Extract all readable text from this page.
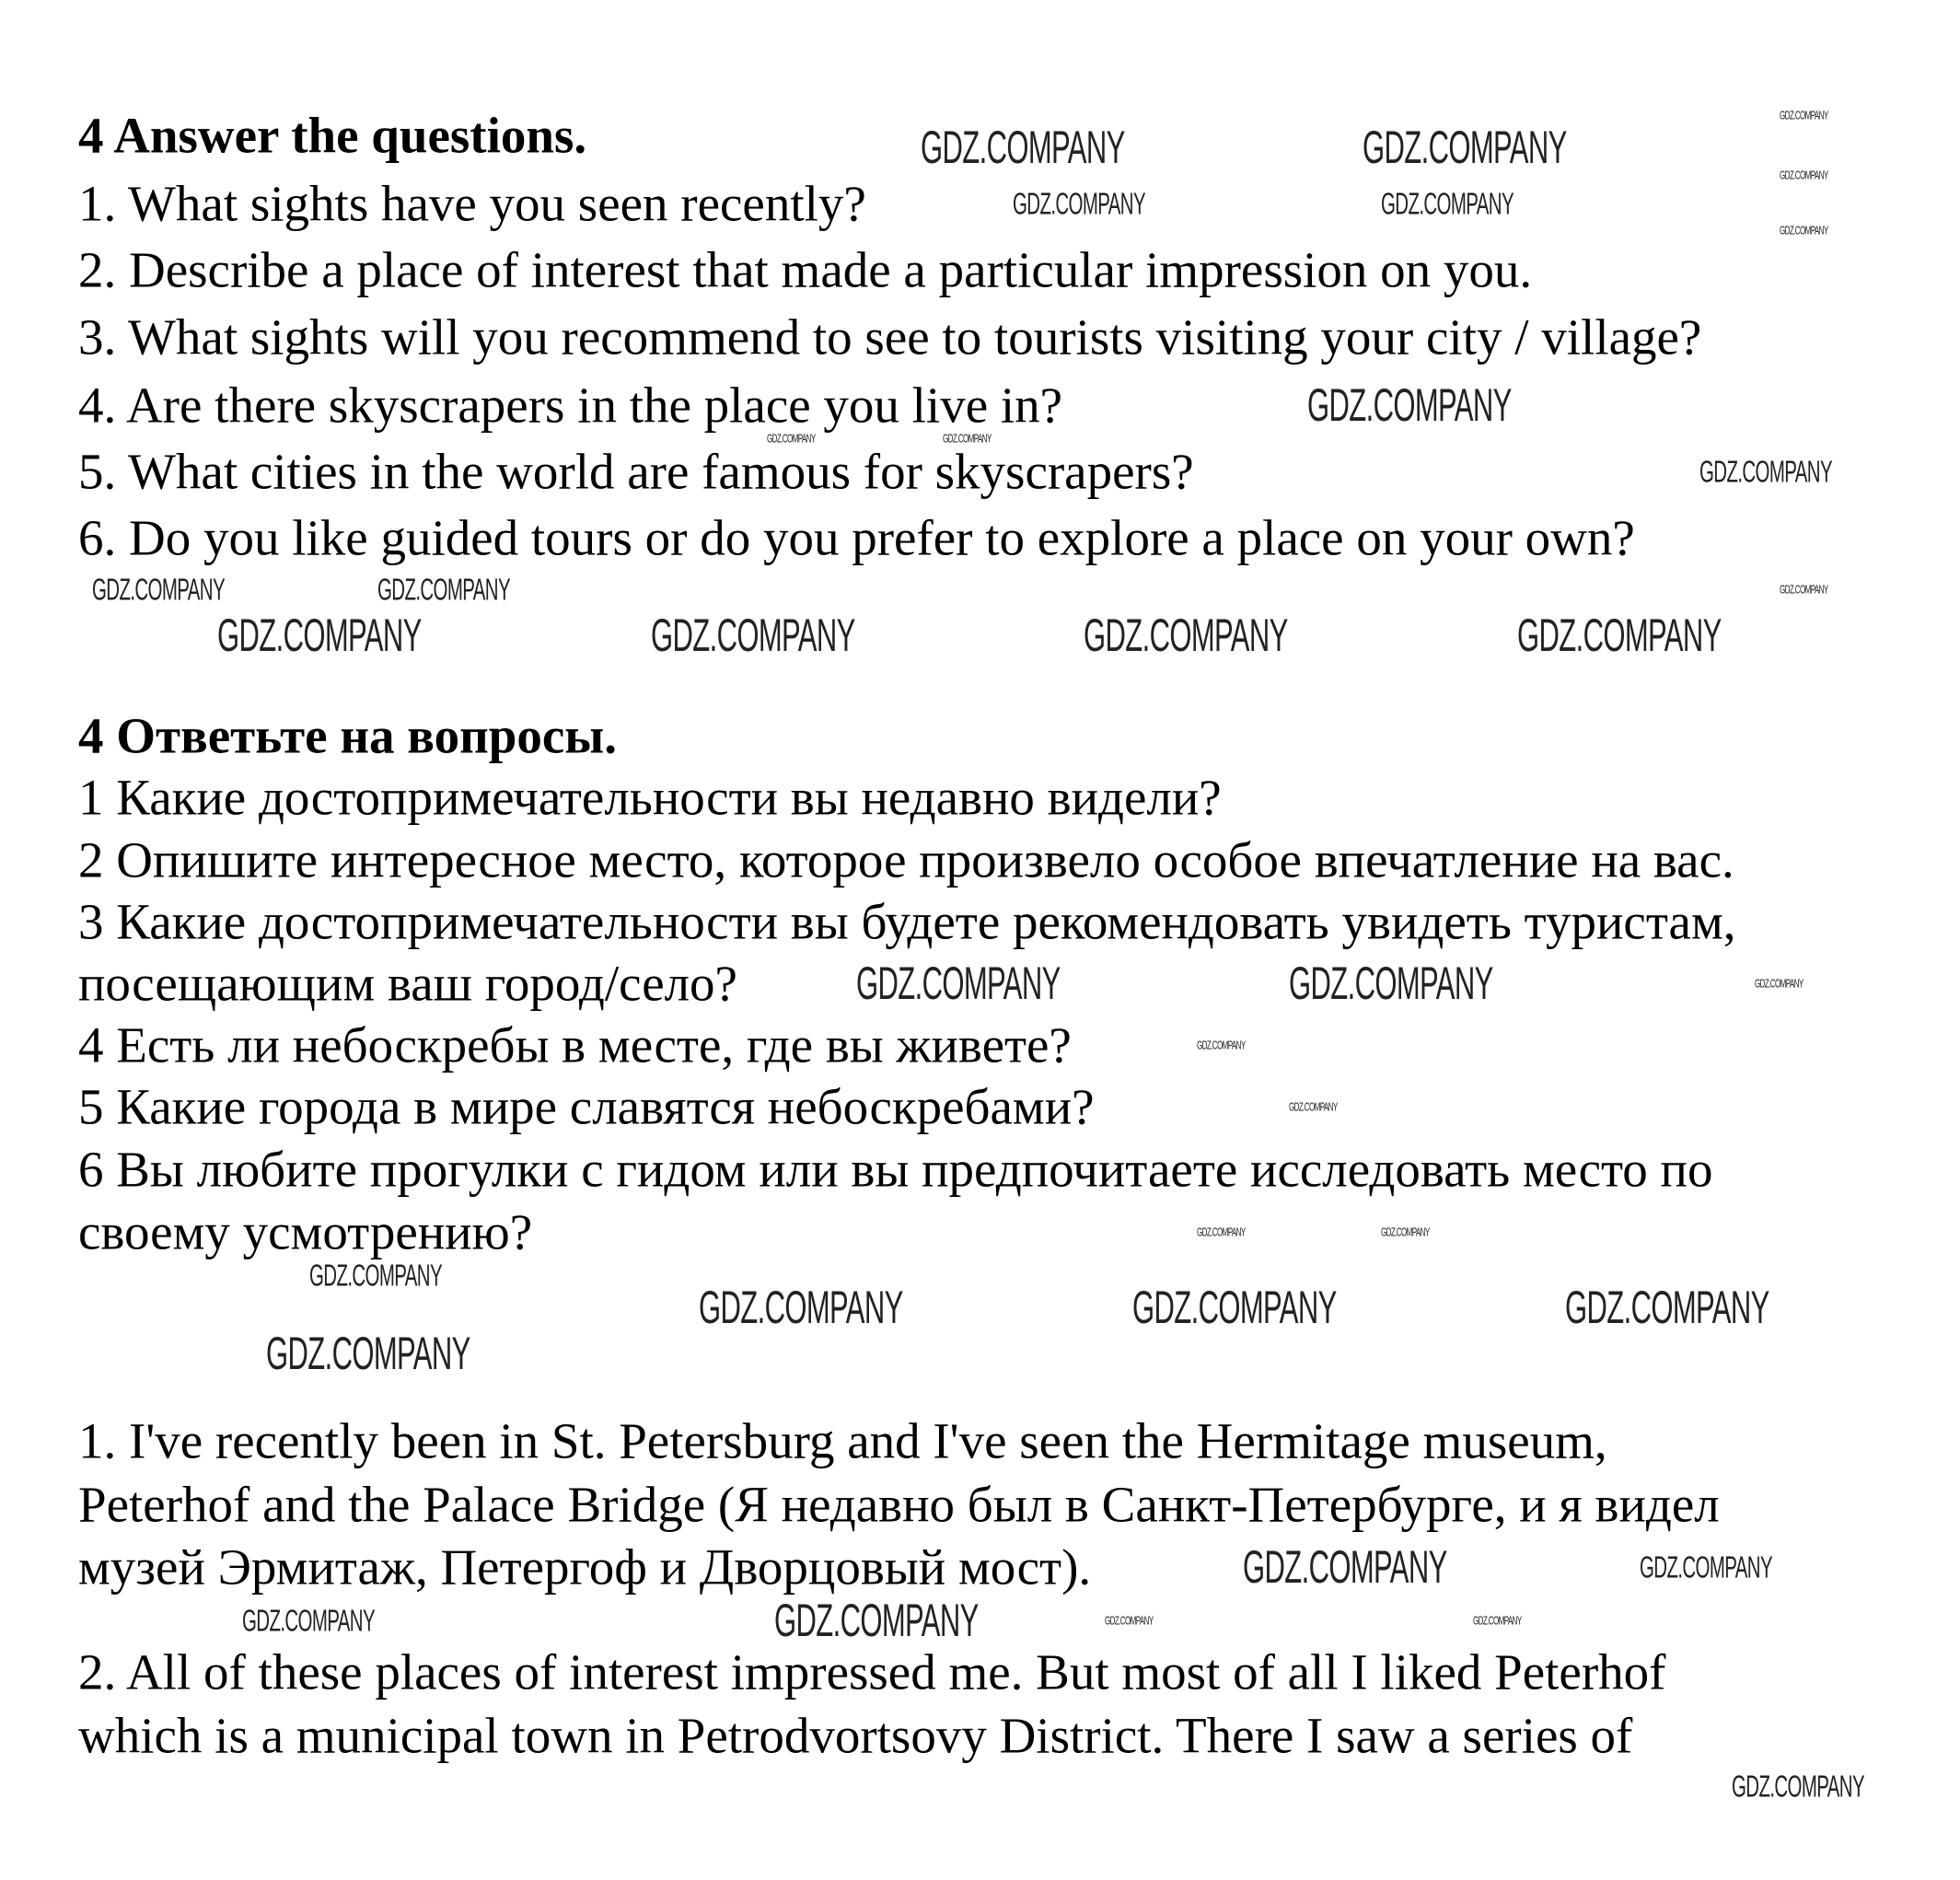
4 Answer the questions.
1. What sights have you seen recently?
2. Describe a place of interest that made a particular impression on you.
3. What sights will you recommend to see to tourists visiting your city / village?
4. Are there skyscrapers in the place you live in?
5. What cities in the world are famous for skyscrapers?
6. Do you like guided tours or do you prefer to explore a place on your own?
4 Ответьте на вопросы.
1 Какие достопримечательности вы недавно видели?
2 Опишите интересное место, которое произвело особое впечатление на вас.
3 Какие достопримечательности вы будете рекомендовать увидеть туристам,
посещающим ваш город/село?
4 Есть ли небоскребы в месте, где вы живете?
5 Какие города в мире славятся небоскребами?
6 Вы любите прогулки с гидом или вы предпочитаете исследовать место по
своему усмотрению?
1. I've recently been in St. Petersburg and I've seen the Hermitage museum,
Peterhof and the Palace Bridge (Я недавно был в Санкт-Петербурге, и я видел
музей Эрмитаж, Петергоф и Дворцовый мост).
2. All of these places of interest impressed me. But most of all I liked Peterhof
which is a municipal town in Petrodvortsovy District. There I saw a series of
GDZ.COMPANY	GDZ.COMPANY
GDZ.COMPANY
GDZ.COMPANY	GDZ.COMPANY	GDZ.COMPANY	GDZ.COMPANY
GDZ.COMPANY	GDZ.COMPANY
GDZ.COMPANY	GDZ.COMPANY	GDZ.COMPANY
GDZ.COMPANY
GDZ.COMPANY
GDZ.COMPANY
GDZ.COMPANY	GDZ.COMPANY
GDZ.COMPANY	GDZ.COMPANY
GDZ.COMPANY
GDZ.COMPANY
GDZ.COMPANY
GDZ.COMPANY
GDZ.COMPANY
GDZ.COMPANY
GDZ.COMPANY
GDZ.COMPANY
GDZ.COMPANY	GDZ.COMPANY
GDZ.COMPANY
GDZ.COMPANY
GDZ.COMPANY
GDZ.COMPANY
GDZ.COMPANY	GDZ.COMPANY
GDZ.COMPANY	GDZ.COMPANY
